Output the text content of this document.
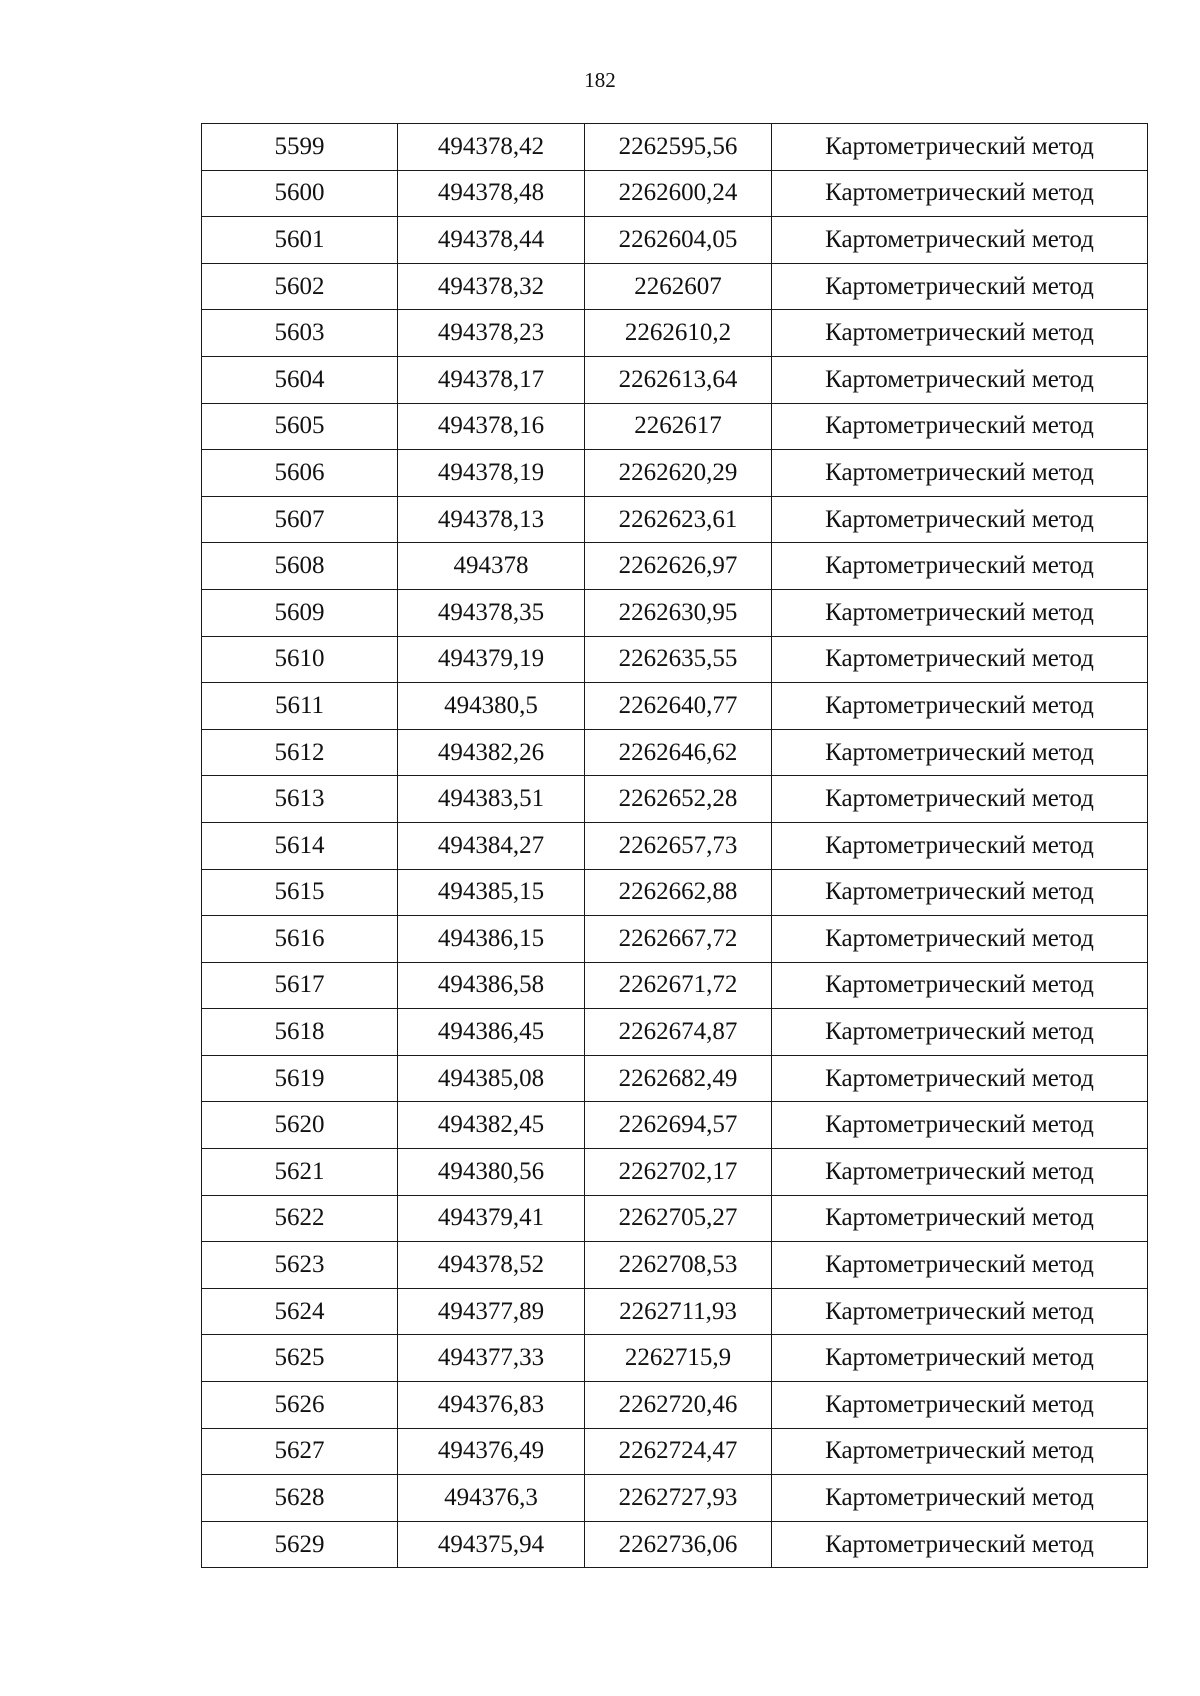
182
5599	494378,42	2262595,56	Картометрический метод
5600	494378,48	2262600,24	Картометрический метод
5601	494378,44	2262604,05	Картометрический метод
5602	494378,32	2262607	Картометрический метод
5603	494378,23	2262610,2	Картометрический метод
5604	494378,17	2262613,64	Картометрический метод
5605	494378,16	2262617	Картометрический метод
5606	494378,19	2262620,29	Картометрический метод
5607	494378,13	2262623,61	Картометрический метод
5608	494378	2262626,97	Картометрический метод
5609	494378,35	2262630,95	Картометрический метод
5610	494379,19	2262635,55	Картометрический метод
5611	494380,5	2262640,77	Картометрический метод
5612	494382,26	2262646,62	Картометрический метод
5613	494383,51	2262652,28	Картометрический метод
5614	494384,27	2262657,73	Картометрический метод
5615	494385,15	2262662,88	Картометрический метод
5616	494386,15	2262667,72	Картометрический метод
5617	494386,58	2262671,72	Картометрический метод
5618	494386,45	2262674,87	Картометрический метод
5619	494385,08	2262682,49	Картометрический метод
5620	494382,45	2262694,57	Картометрический метод
5621	494380,56	2262702,17	Картометрический метод
5622	494379,41	2262705,27	Картометрический метод
5623	494378,52	2262708,53	Картометрический метод
5624	494377,89	2262711,93	Картометрический метод
5625	494377,33	2262715,9	Картометрический метод
5626	494376,83	2262720,46	Картометрический метод
5627	494376,49	2262724,47	Картометрический метод
5628	494376,3	2262727,93	Картометрический метод
5629	494375,94	2262736,06	Картометрический метод
